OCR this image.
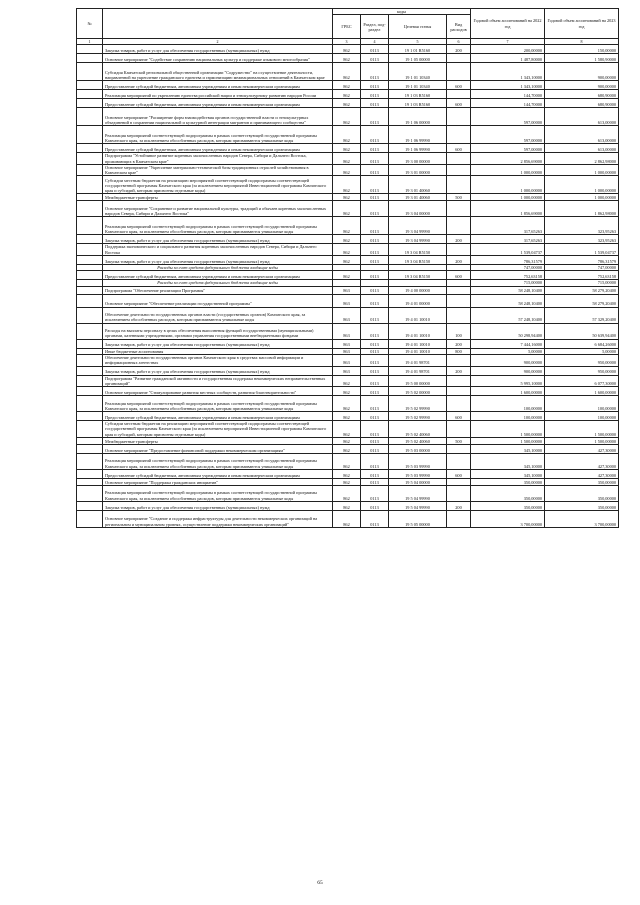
№		коды				Годовой объем ассигнований на 2022 год	Годовой объем ассигнований на 2023 год
		ГРБС	Раздел, под-раздел	Целевая статья	Вид расходов		
1	2	3	4	5	6	7	8
	Закупка товаров, работ и услуг для обеспечения государственных (муниципальных) нужд	862	0113	19 1 01 R5160	200	200,00000	150,00000
	Основное мероприятие "Содействие сохранению национальных культур и поддержке языкового многообразия"	862	0113	19 1 05 00000		1 487,80000	1 580,90000
	Субсидия Камчатской региональной общественной организации "Содружество" на осуществление деятельности, направленной на укрепление гражданского единства и гармонизацию межнациональных отношений в Камчатском крае	862	0113	19 1 01 10340		1 343,10000	900,00000
	Предоставление субсидий бюджетным, автономным учреждениям и иным некоммерческим организациям	862	0113	19 1 01 10340	600	1 343,10000	900,00000
	Реализация мероприятий по укреплению единства российской нации и этнокультурному развитию народов России	862	0113	19 1 03 R5160		144,70000	680,90000
	Предоставление субсидий бюджетным, автономным учреждениям и иным некоммерческим организациям	862	0113	19 1 03 R5160	600	144,70000	680,90000
	Основное мероприятие "Расширение форм взаимодействия органов государственной власти и этнокультурных объединений в сохранении национальной и культурной интеграции мигрантов и принимающего сообщества"	862	0113	19 1 06 00000		597,00000	613,00000
	Реализация мероприятий соответствующей подпрограммы в рамках соответствующей государственной программы Камчатского края, за исключением обособленных расходов, которым присваиваются уникальные коды	862	0113	19 1 06 99990		597,00000	613,00000
	Предоставление субсидий бюджетным, автономным учреждениям и иным некоммерческим организациям	862	0113	19 1 06 99990	600	597,00000	613,00000
	Подпрограмма "Устойчивое развитие коренных малочисленных народов Севера, Сибири и Дальнего Востока, проживающих в Камчатском крае"	862	0113	19 3 00 00000		2 856,69000	2 862,98000
	Основное мероприятие "Укрепление материально-технической базы традиционных отраслей хозяйствования в Камчатском крае"	862	0113	19 3 01 00000		1 000,00000	1 000,00000
	Субсидии местным бюджетам на реализацию мероприятий соответствующей подпрограммы соответствующей государственной программы Камчатского края (за исключением мероприятий Инвестиционной программы Камчатского края и субсидий, которым присвоены отдельные коды)	862	0113	19 3 01 40060		1 000,00000	1 000,00000
	Межбюджетные трансферты	862	0113	19 3 01 40060	500	1 000,00000	1 000,00000
	Основное мероприятие "Сохранение и развитие национальной культуры, традиций и обычаев коренных малочисленных народов Севера, Сибири и Дальнего Востока"	862	0113	19 3 04 00000		1 856,69000	1 862,98000
	Реализация мероприятий соответствующей подпрограммы в рамках соответствующей государственной программы Камчатского края, за исключением обособленных расходов, которым присваиваются уникальные коды	862	0113	19 3 04 99990		317,65263	323,95263
	Закупка товаров, работ и услуг для обеспечения государственных (муниципальных) нужд	862	0113	19 3 04 99990	200	317,65263	323,95263
	Поддержка экономического и социального развития коренных малочисленных народов Севера, Сибири и Дальнего Востока	862	0113	19 3 04 R5150		1 539,04737	1 539,04737
	Закупка товаров, работ и услуг для обеспечения государственных (муниципальных) нужд	862	0113	19 3 04 R5150	200	786,31579	786,31579
	Расходы за счет средств федерального бюджета входящие коды					747,00000	747,00000
	Предоставление субсидий бюджетным, автономным учреждениям и иным некоммерческим организациям	862	0113	19 3 04 R5150	600	752,63158	752,63158
	Расходы за счет средств федерального бюджета входящие коды					715,00000	715,00000
	Подпрограмма "Обеспечение реализации Программы"	863	0113	19 4 00 00000		58 248,10400	58 279,20400
	Основное мероприятие "Обеспечение реализации государственной программы"	863	0113	19 4 01 00000		58 248,10400	58 279,20400
	Обеспечение деятельности государственных органов власти (государственных органов) Камчатского края, за исключением обособленных расходов, которым присваиваются уникальные коды	863	0113	19 4 01 10010		57 248,10400	57 329,20400
	Расходы на выплаты персоналу в целях обеспечения выполнения функций государственными (муниципальными) органами, казенными учреждениями, органами управления государственными внебюджетными фондами	863	0113	19 4 01 10010	100	50 298,94400	50 639,94400
	Закупка товаров, работ и услуг для обеспечения государственных (муниципальных) нужд	863	0113	19 4 01 10010	200	7 444,16000	6 684,26000
	Иные бюджетные ассигнования	863	0113	19 4 01 10010	800	5,00000	5,00000
	Обеспечение деятельности государственных органов Камчатского края в средствах массовой информации и информационных агентствах	863	0113	19 4 01 98701		900,00000	950,00000
	Закупка товаров, работ и услуг для обеспечения государственных (муниципальных) нужд	863	0113	19 4 01 98701	200	900,00000	950,00000
	Подпрограмма "Развитие гражданской активности и государственная поддержка некоммерческих неправительственных организаций"	862	0113	19 5 00 00000		5 995,10000	6 077,30000
	Основное мероприятие "Стимулирование развития местных сообществ, развития благотворительности"	862	0113	19 5 02 00000		1 600,00000	1 600,00000
	Реализация мероприятий соответствующей подпрограммы в рамках соответствующей государственной программы Камчатского края, за исключением обособленных расходов, которым присваиваются уникальные коды	862	0113	19 5 02 99990		100,00000	100,00000
	Предоставление субсидий бюджетным, автономным учреждениям и иным некоммерческим организациям	862	0113	19 5 02 99990	600	100,00000	100,00000
	Субсидии местным бюджетам на реализацию мероприятий соответствующей подпрограммы соответствующей государственной программы Камчатского края (за исключением мероприятий Инвестиционной программы Камчатского края и субсидий, которым присвоены отдельные коды)	862	0113	19 5 02 40060		1 500,00000	1 500,00000
	Межбюджетные трансферты	862	0113	19 5 02 40060	500	1 500,00000	1 500,00000
	Основное мероприятие "Предоставление финансовой поддержки некоммерческим организациям"	862	0113	19 5 03 00000		345,10000	427,30000
	Реализация мероприятий соответствующей подпрограммы в рамках соответствующей государственной программы Камчатского края, за исключением обособленных расходов, которым присваиваются уникальные коды	862	0113	19 5 03 99990		345,10000	427,30000
	Предоставление субсидий бюджетным, автономным учреждениям и иным некоммерческим организациям	862	0113	19 5 03 99990	600	345,10000	427,30000
	Основное мероприятие "Поддержка гражданских инициатив"	862	0113	19 5 04 00000		350,00000	350,00000
	Реализация мероприятий соответствующей подпрограммы в рамках соответствующей государственной программы Камчатского края, за исключением обособленных расходов, которым присваиваются уникальные коды	862	0113	19 5 04 99990		350,00000	350,00000
	Закупка товаров, работ и услуг для обеспечения государственных (муниципальных) нужд	862	0113	19 5 04 99990	200	350,00000	350,00000
	Основное мероприятие "Создание и поддержка инфраструктуры для деятельности некоммерческих организаций на региональном и муниципальном уровнях, осуществление поддержки некоммерческих организаций"	862	0113	19 5 05 00000		3 700,00000	3 700,00000
65
